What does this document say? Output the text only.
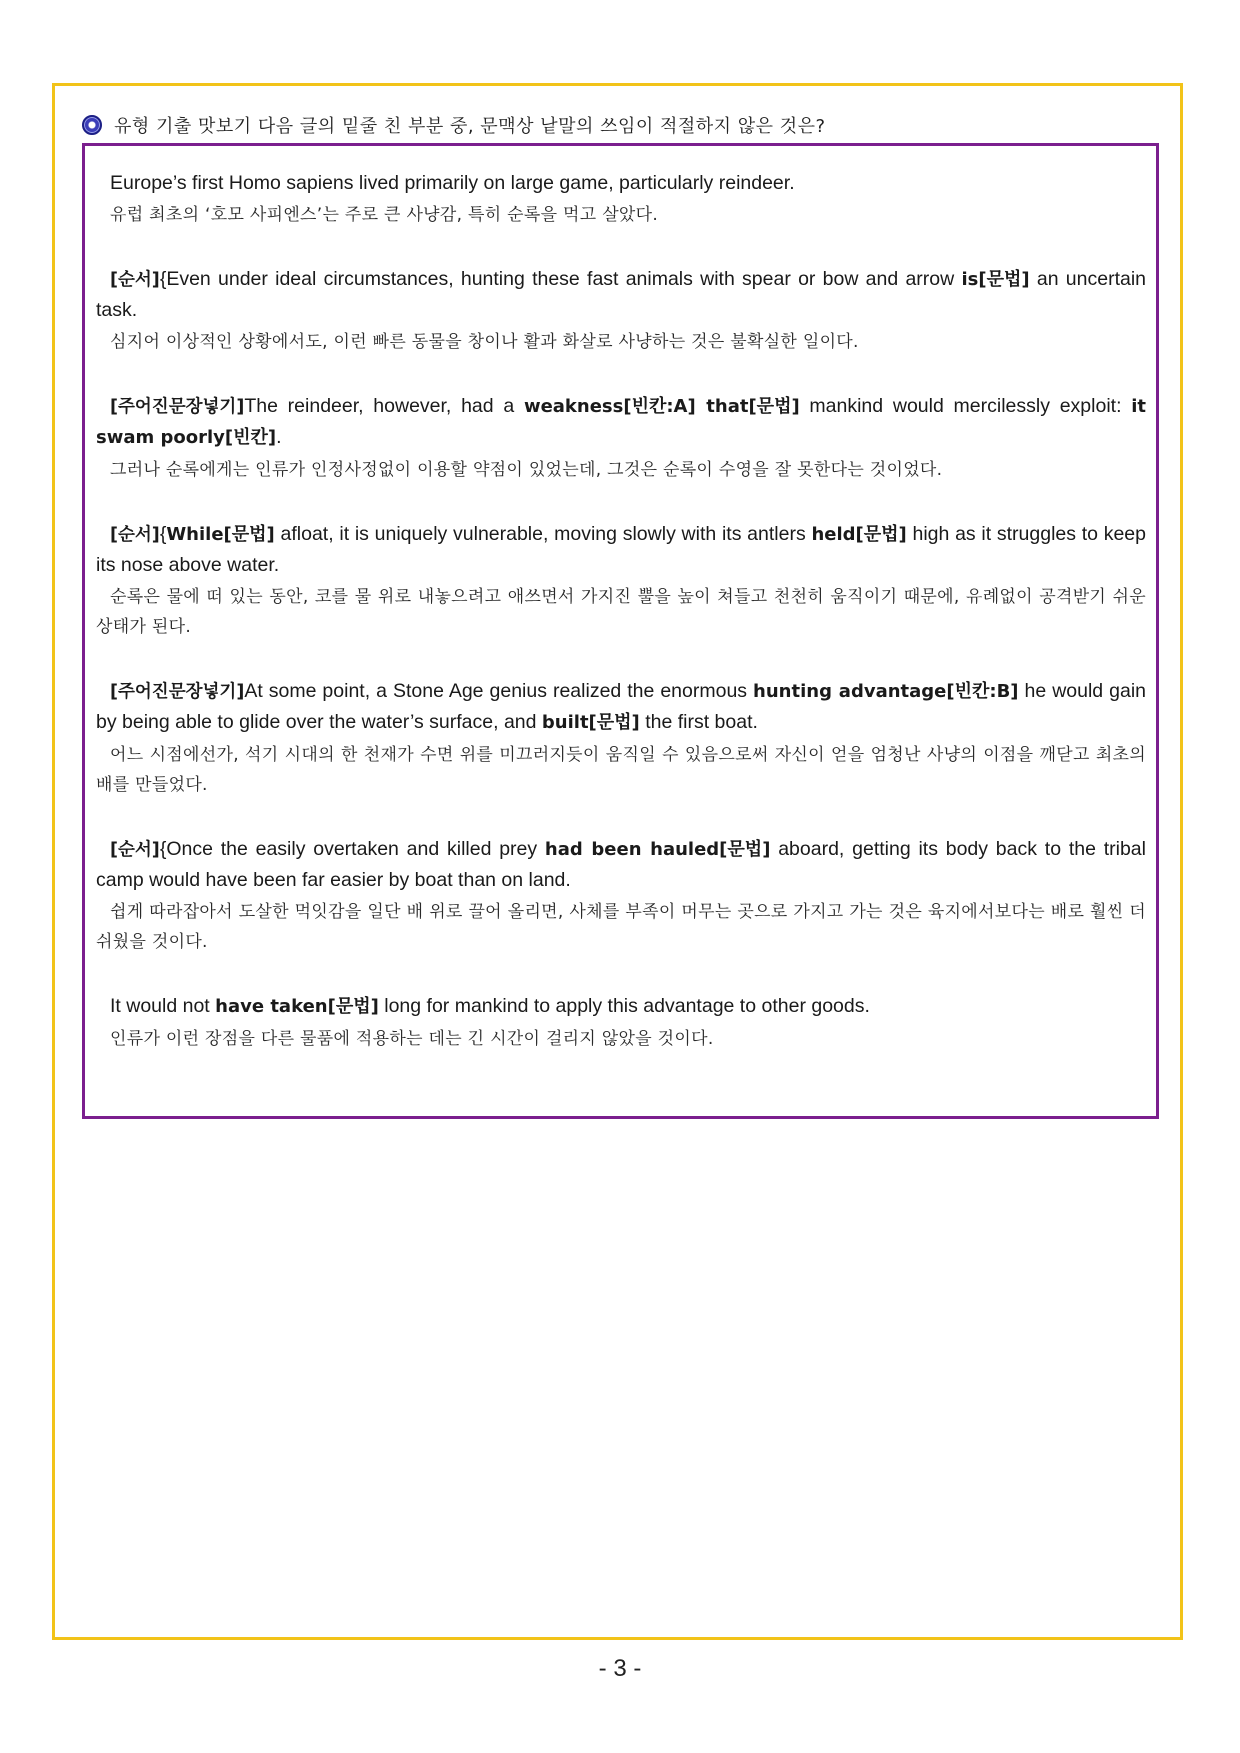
유형 기출 맛보기 다음 글의 밑줄 친 부분 중, 문맥상 낱말의 쓰임이 적절하지 않은 것은?

Europe’s first Homo sapiens lived primarily on large game, particularly reindeer.

유럽 최초의 ‘호모 사피엔스’는 주로 큰 사냥감, 특히 순록을 먹고 살았다.

[순서]{Even under ideal circumstances, hunting these fast animals with spear or bow and arrow is[문법] an uncertain task.

심지어 이상적인 상황에서도, 이런 빠른 동물을 창이나 활과 화살로 사냥하는 것은 불확실한 일이다.

[주어진문장넣기]The reindeer, however, had a weakness[빈칸:A] that[문법] mankind would mercilessly exploit: it swam poorly[빈칸].

그러나 순록에게는 인류가 인정사정없이 이용할 약점이 있었는데, 그것은 순록이 수영을 잘 못한다는 것이었다.

[순서]{While[문법] afloat, it is uniquely vulnerable, moving slowly with its antlers held[문법] high as it struggles to keep its nose above water.

순록은 물에 떠 있는 동안, 코를 물 위로 내놓으려고 애쓰면서 가지진 뿔을 높이 쳐들고 천천히 움직이기 때문에, 유례없이 공격받기 쉬운 상태가 된다.

[주어진문장넣기]At some point, a Stone Age genius realized the enormous hunting advantage[빈칸:B] he would gain by being able to glide over the water’s surface, and built[문법] the first boat.

어느 시점에선가, 석기 시대의 한 천재가 수면 위를 미끄러지듯이 움직일 수 있음으로써 자신이 얻을 엄청난 사냥의 이점을 깨닫고 최초의 배를 만들었다.

[순서]{Once the easily overtaken and killed prey had been hauled[문법] aboard, getting its body back to the tribal camp would have been far easier by boat than on land.

쉽게 따라잡아서 도살한 먹잇감을 일단 배 위로 끌어 올리면, 사체를 부족이 머무는 곳으로 가지고 가는 것은 육지에서보다는 배로 훨씬 더 쉬웠을 것이다.

It would not have taken[문법] long for mankind to apply this advantage to other goods.

인류가 이런 장점을 다른 물품에 적용하는 데는 긴 시간이 걸리지 않았을 것이다.

- 3 -
